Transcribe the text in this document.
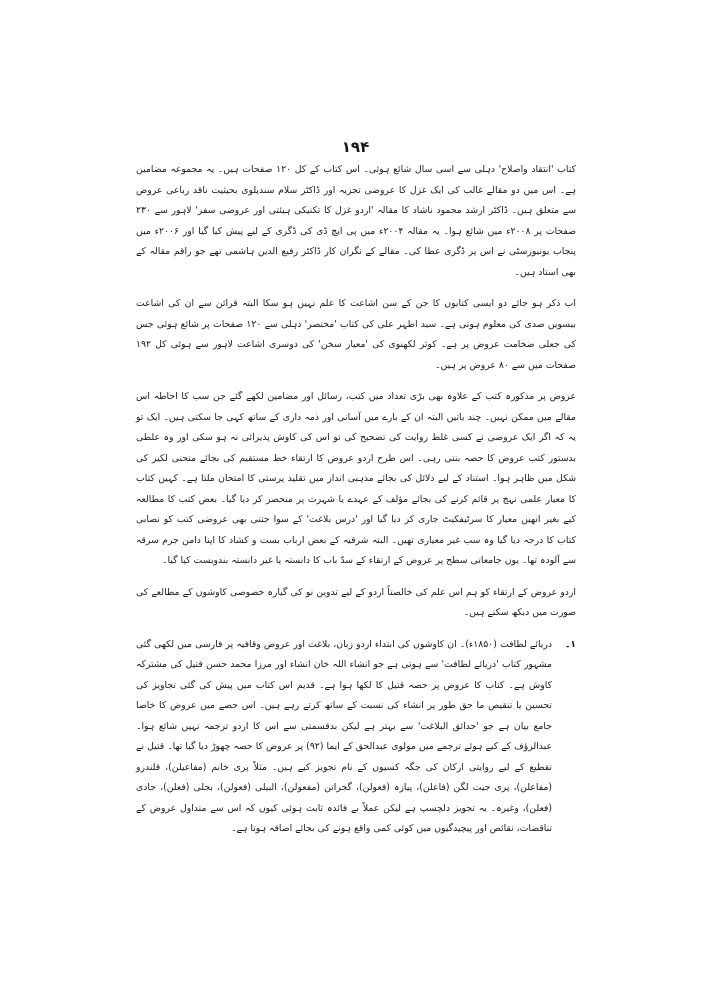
۱۹۴

کتاب 'انتقاد واصلاح' دہلی سے اسی سال شائع ہوئی۔ اس کتاب کے کل ۱۲۰ صفحات ہیں۔ یہ مجموعہ مضامین ہے۔ اس میں دو مقالے غالب کی ایک غزل کا عروضی تجزیہ اور ڈاکٹر سلام سندیلوی بحیثیت ناقد رباعی عروض سے متعلق ہیں۔ ڈاکٹر ارشد محمود ناشاد کا مقالہ 'اردو غزل کا تکنیکی ہیئتی اور عروضی سفر' لاہور سے ۲۳۰ صفحات پر ۲۰۰۸ء میں شائع ہوا۔ یہ مقالہ ۲۰۰۴ء میں پی ایچ ڈی کی ڈگری کے لیے پیش کیا گیا اور ۲۰۰۶ء میں پنجاب یونیورسٹی نے اس پر ڈگری عطا کی۔ مقالے کے نگران کار ڈاکٹر رفیع الدین ہاشمی تھے جو راقم مقالہ کے بھی استاد ہیں۔

اب ذکر ہو جائے دو ایسی کتابوں کا جن کے سن اشاعت کا علم نہیں ہو سکا البتہ قرائن سے ان کی اشاعت بیسویں صدی کی معلوم ہوتی ہے۔ سید اظہر علی کی کتاب 'مختصر' دہلی سے ۱۲۰ صفحات پر شائع ہوئی جس کی جعلی ضخامت عروض پر ہے۔ کوثر لکھنوی کی 'معیار سخن' کی دوسری اشاعت لاہور سے ہوئی کل ۱۹۲ صفحات میں سے ۸۰ عروض پر ہیں۔

عروض پر مذکورہ کتب کے علاوہ بھی بڑی تعداد میں کتب، رسائل اور مضامین لکھے گئے جن سب کا احاطہ اس مقالے میں ممکن نہیں۔ چند باتیں البتہ ان کے بارے میں آسانی اور ذمہ داری کے ساتھ کہی جا سکتی ہیں۔ ایک تو یہ کہ اگر ایک عروضی نے کسی غلط روایت کی تصحیح کی تو اس کی کاوش پذیرائی نہ ہو سکی اور وہ علطی بدستور کتب عروض کا حصہ بنتی رہی۔ اس طرح اردو عروض کا ارتقاء خط مستقیم کی بجائے منحنی لکیر کی شکل میں ظاہر ہوا۔ استناد کے لیے دلائل کی بجائے مذہبی انداز میں تقلید پرستی کا امتحان ملتا ہے۔ کہیں کتاب کا معیار علمی نہج پر قائم کرنے کی بجائے مؤلف کے عہدے یا شہرت پر منحصر کر دیا گیا۔ بعض کتب کا مطالعہ کیے بغیر انھیں معیار کا سرٹیفکیٹ جاری کر دیا گیا اور 'درس بلاغت' کے سوا جتنی بھی عروضی کتب کو نصابی کتاب کا درجہ دیا گیا وہ سب غیر معیاری تھیں۔ البتہ شرقیہ کے بعض ارباب بست و کشاد کا اپنا دامن جرم سرقہ سے آلودہ تھا۔ یوں جامعاتی سطح پر عروض کے ارتقاء کے سدّ باب کا دانستہ یا غیر دانستہ بندوبست کیا گیا۔

اردو عروض کے ارتقاء کو ہم اس علم کی خالصتاً اردو کے لیے تدوین نو کی گیارہ خصوصی کاوشوں کے مطالعے کی صورت میں دیکھ سکتے ہیں۔

۱۔
دریائے لطافت (۱۸۵۰ء)۔ ان کاوشوں کی ابتداء اردو زبان، بلاغت اور عروض وقافیہ پر فارسی میں لکھی گئی مشہور کتاب 'دریائے لطافت' سے ہوتی ہے جو انشاء اللہ خان انشاء اور مرزا محمد حسن قتیل کی مشترکہ کاوش ہے۔ کتاب کا عروض پر حصہ قتیل کا لکھا ہوا ہے۔ قدیم اس کتاب میں پیش کی گئی تجاویز کی تحسین یا تنقیص ما حق طور پر انشاء کی نسبت کے ساتھ کرتے رہے ہیں۔ اس حصے میں عروض کا خاصا جامع بیان ہے جو 'حدائق البلاغت' سے بہتر ہے لیکن بدقسمتی سے اس کا اردو ترجمہ نہیں شائع ہوا۔ عبدالرؤف کے کیے ہوئے ترجمے میں مولوی عبدالحق کے ایما (۹۲) پر عروض کا حصہ چھوڑ دیا گیا تھا۔ قتیل نے تقطیع کے لیے روایتی ارکان کی جگہ کسیوں کے نام تجویز کیے ہیں۔ مثلاً پری خانم (مفاعیلن)، قلندرو (مفاعلن)، پری جیت لگن (فاعلن)، پیازہ (فعولن)، گجراتن (مفعولن)، البیلی (فعولن)، بجلی (فعلن)، جادی (فعلن)، وغیرہ۔ یہ تجویز دلچسپ ہے لیکن عملاً بے فائدہ ثابت ہوئی کیوں کہ اس سے متداول عروض کے تناقضات، نقائص اور پیچیدگیوں میں کوئی کمی واقع ہونے کی بجائے اضافہ ہوتا ہے۔
